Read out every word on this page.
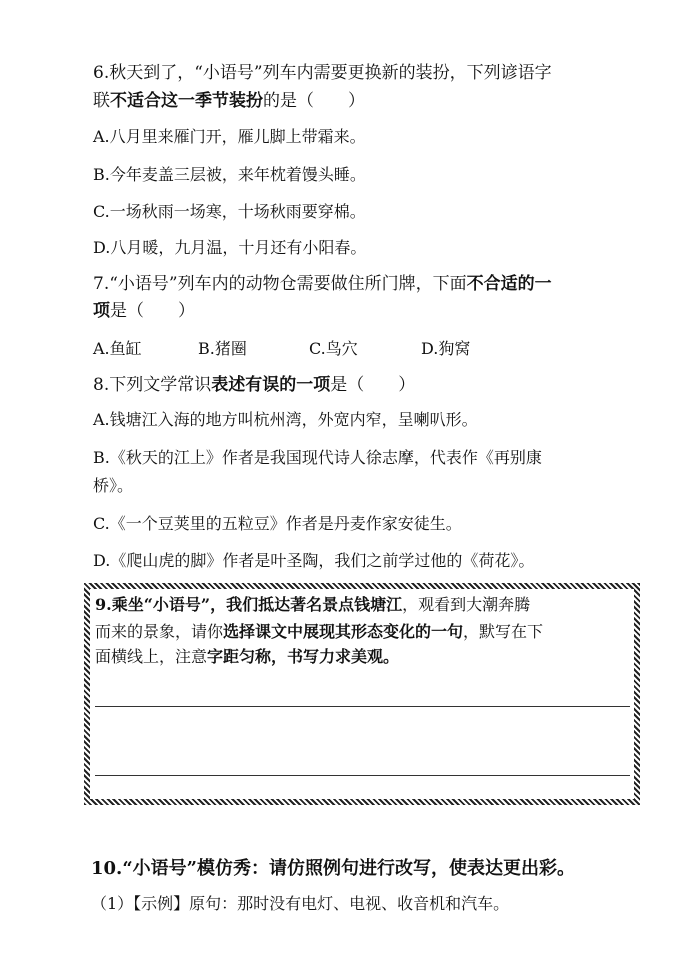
6.秋天到了，“小语号”列车内需要更换新的装扮，下列谚语字
联不适合这一季节装扮的是（　　）
A.八月里来雁门开，雁儿脚上带霜来。
B.今年麦盖三层被，来年枕着馒头睡。
C.一场秋雨一场寒，十场秋雨要穿棉。
D.八月暖，九月温，十月还有小阳春。
7.“小语号”列车内的动物仓需要做住所门牌，下面不合适的一
项是（　　）
A.鱼缸	B.猪圈	C.鸟穴	D.狗窝
8.下列文学常识表述有误的一项是（　　）
A.钱塘江入海的地方叫杭州湾，外宽内窄，呈喇叭形。
B.《秋天的江上》作者是我国现代诗人徐志摩，代表作《再别康
桥》。
C.《一个豆荚里的五粒豆》作者是丹麦作家安徒生。
D.《爬山虎的脚》作者是叶圣陶，我们之前学过他的《荷花》。
9.乘坐“小语号”，我们抵达著名景点钱塘江，观看到大潮奔腾
而来的景象，请你选择课文中展现其形态变化的一句，默写在下
面横线上，注意字距匀称，书写力求美观。
10.“小语号”模仿秀：请仿照例句进行改写，使表达更出彩。
（1）【示例】原句：那时没有电灯、电视、收音机和汽车。
